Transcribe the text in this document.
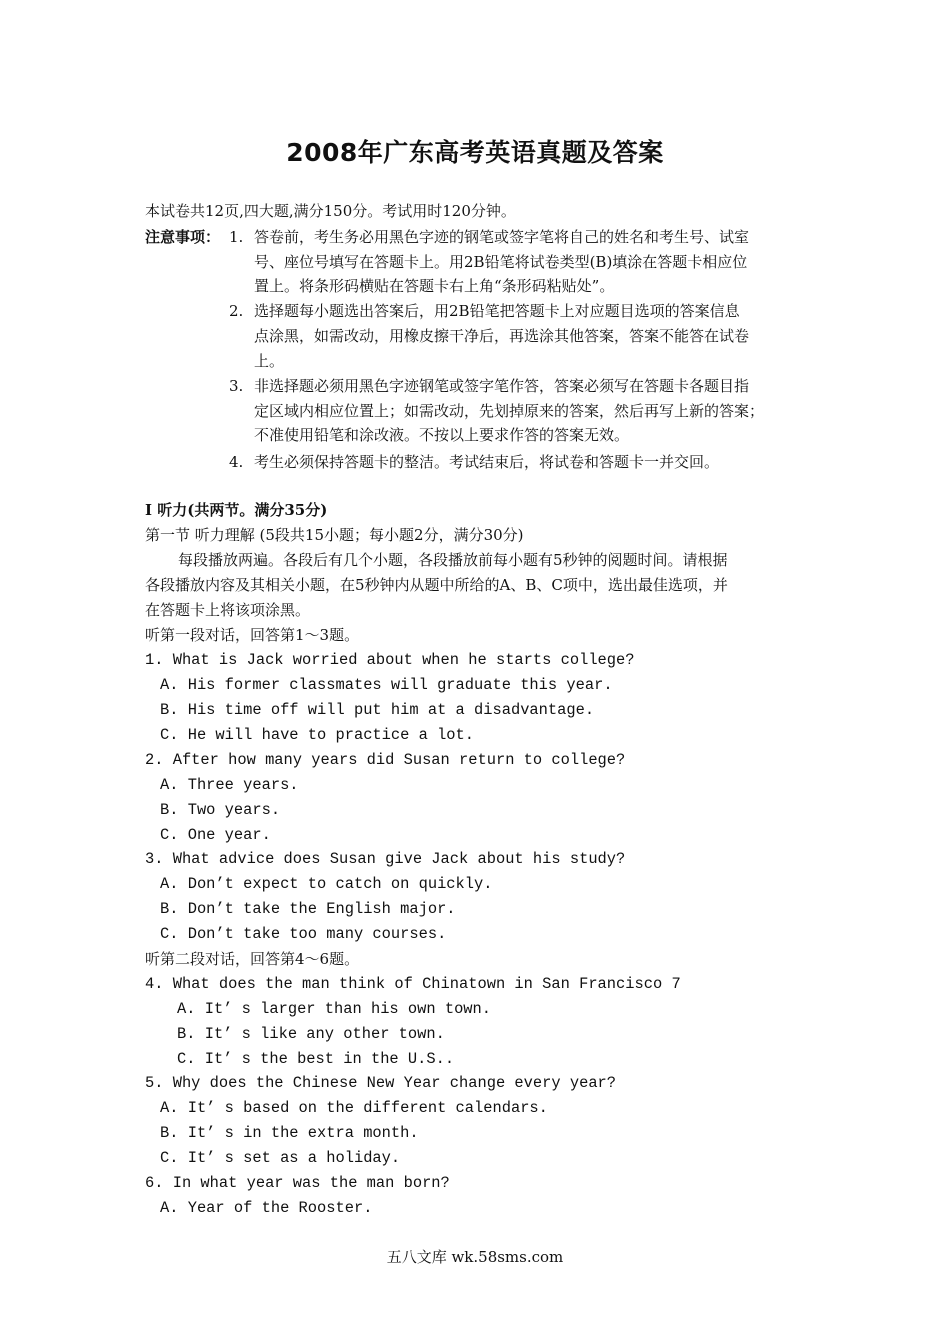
2008年广东高考英语真题及答案
本试卷共12页,四大题,满分150分。考试用时120分钟。
注意事项： 1. 答卷前，考生务必用黑色字迹的钢笔或签字笔将自己的姓名和考生号、试室
号、座位号填写在答题卡上。用2B铅笔将试卷类型(B)填涂在答题卡相应位
置上。将条形码横贴在答题卡右上角“条形码粘贴处”。
2. 选择题每小题选出答案后，用2B铅笔把答题卡上对应题目选项的答案信息
点涂黑，如需改动，用橡皮擦干净后，再选涂其他答案，答案不能答在试卷
上。
3. 非选择题必须用黑色字迹钢笔或签字笔作答，答案必须写在答题卡各题目指
定区域内相应位置上；如需改动，先划掉原来的答案，然后再写上新的答案；
不准使用铅笔和涂改液。不按以上要求作答的答案无效。
4. 考生必须保持答题卡的整洁。考试结束后，将试卷和答题卡一并交回。
I 听力(共两节。满分35分)
第一节 听力理解 (5段共15小题；每小题2分，满分30分)
每段播放两遍。各段后有几个小题，各段播放前每小题有5秒钟的阅题时间。请根据
各段播放内容及其相关小题，在5秒钟内从题中所给的A、B、C项中，选出最佳选项，并
在答题卡上将该项涂黑。
听第一段对话，回答第1～3题。
1. What is Jack worried about when he starts college?
A. His former classmates will graduate this year.
B. His time off will put him at a disadvantage.
C. He will have to practice a lot.
2. After how many years did Susan return to college?
A. Three years.
B. Two years.
C. One year.
3. What advice does Susan give Jack about his study?
A. Don’t expect to catch on quickly.
B. Don’t take the English major.
C. Don’t take too many courses.
听第二段对话，回答第4～6题。
4. What does the man think of Chinatown in San Francisco 7
A. It’ s larger than his own town.
B. It’ s like any other town.
C. It’ s the best in the U.S..
5. Why does the Chinese New Year change every year?
A. It’ s based on the different calendars.
B. It’ s in the extra month.
C. It’ s set as a holiday.
6. In what year was the man born?
A. Year of the Rooster.
五八文库 wk.58sms.com
